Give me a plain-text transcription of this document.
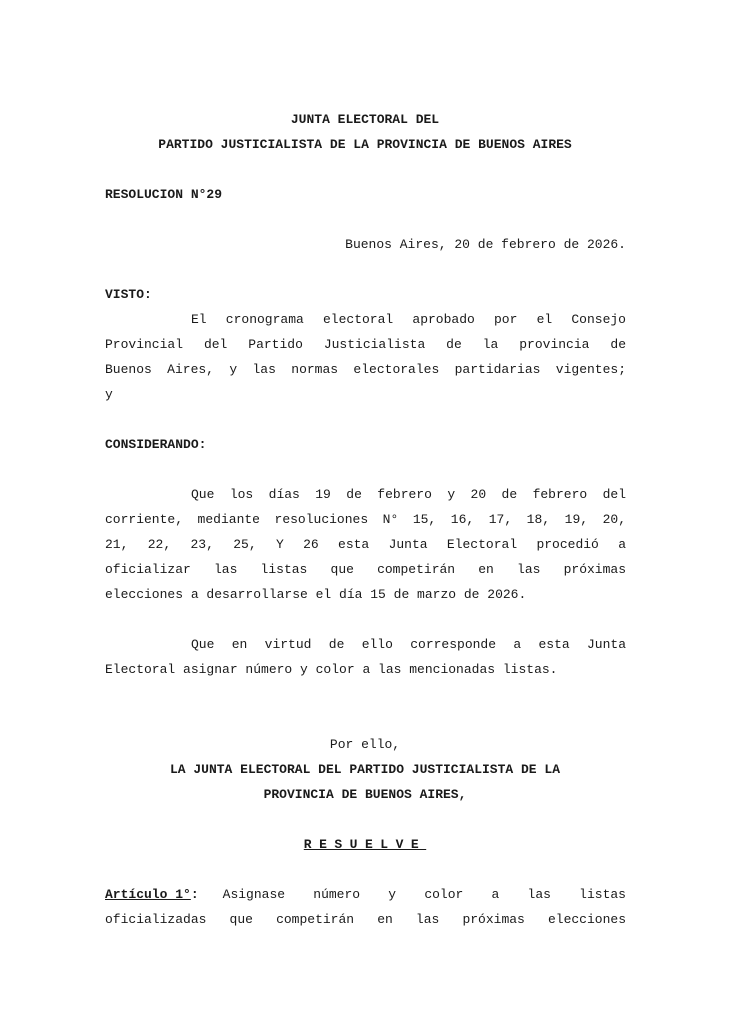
JUNTA ELECTORAL DEL
PARTIDO JUSTICIALISTA DE LA PROVINCIA DE BUENOS AIRES
RESOLUCION N°29
Buenos Aires, 20 de febrero de 2026.
VISTO:
El cronograma electoral aprobado por el Consejo
Provincial del Partido Justicialista de la provincia de
Buenos Aires, y las normas electorales partidarias vigentes;
y
CONSIDERANDO:
Que los días 19 de febrero y 20 de febrero del
corriente, mediante resoluciones N° 15, 16, 17, 18, 19, 20,
21, 22, 23, 25, Y 26 esta Junta Electoral procedió a
oficializar las listas que competirán en las próximas
elecciones a desarrollarse el día 15 de marzo de 2026.
Que en virtud de ello corresponde a esta Junta
Electoral asignar número y color a las mencionadas listas.
Por ello,
LA JUNTA ELECTORAL DEL PARTIDO JUSTICIALISTA DE LA
PROVINCIA DE BUENOS AIRES,
RESUELVE
Artículo 1°: Asignase número y color a las listas
oficializadas que competirán en las próximas elecciones
